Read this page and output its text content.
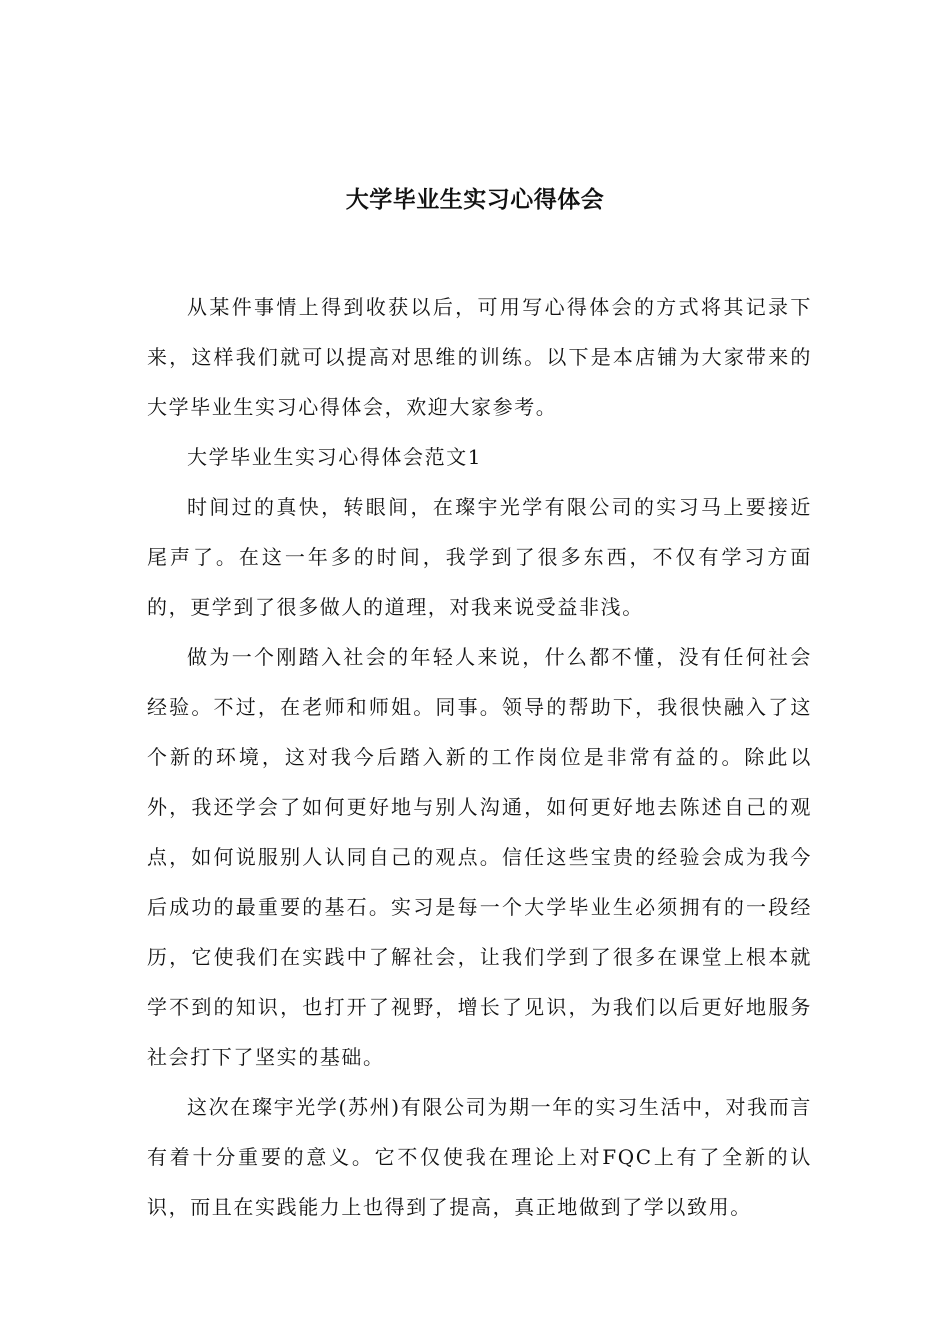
大学毕业生实习心得体会

从某件事情上得到收获以后，可用写心得体会的方式将其记录下来，这样我们就可以提高对思维的训练。以下是本店铺为大家带来的大学毕业生实习心得体会，欢迎大家参考。

大学毕业生实习心得体会范文1

时间过的真快，转眼间，在璨宇光学有限公司的实习马上要接近尾声了。在这一年多的时间，我学到了很多东西，不仅有学习方面的，更学到了很多做人的道理，对我来说受益非浅。

做为一个刚踏入社会的年轻人来说，什么都不懂，没有任何社会经验。不过，在老师和师姐。同事。领导的帮助下，我很快融入了这个新的环境，这对我今后踏入新的工作岗位是非常有益的。除此以外，我还学会了如何更好地与别人沟通，如何更好地去陈述自己的观点，如何说服别人认同自己的观点。信任这些宝贵的经验会成为我今后成功的最重要的基石。实习是每一个大学毕业生必须拥有的一段经历，它使我们在实践中了解社会，让我们学到了很多在课堂上根本就学不到的知识，也打开了视野，增长了见识，为我们以后更好地服务社会打下了坚实的基础。

这次在璨宇光学(苏州)有限公司为期一年的实习生活中，对我而言有着十分重要的意义。它不仅使我在理论上对FQC上有了全新的认识，而且在实践能力上也得到了提高，真正地做到了学以致用。
